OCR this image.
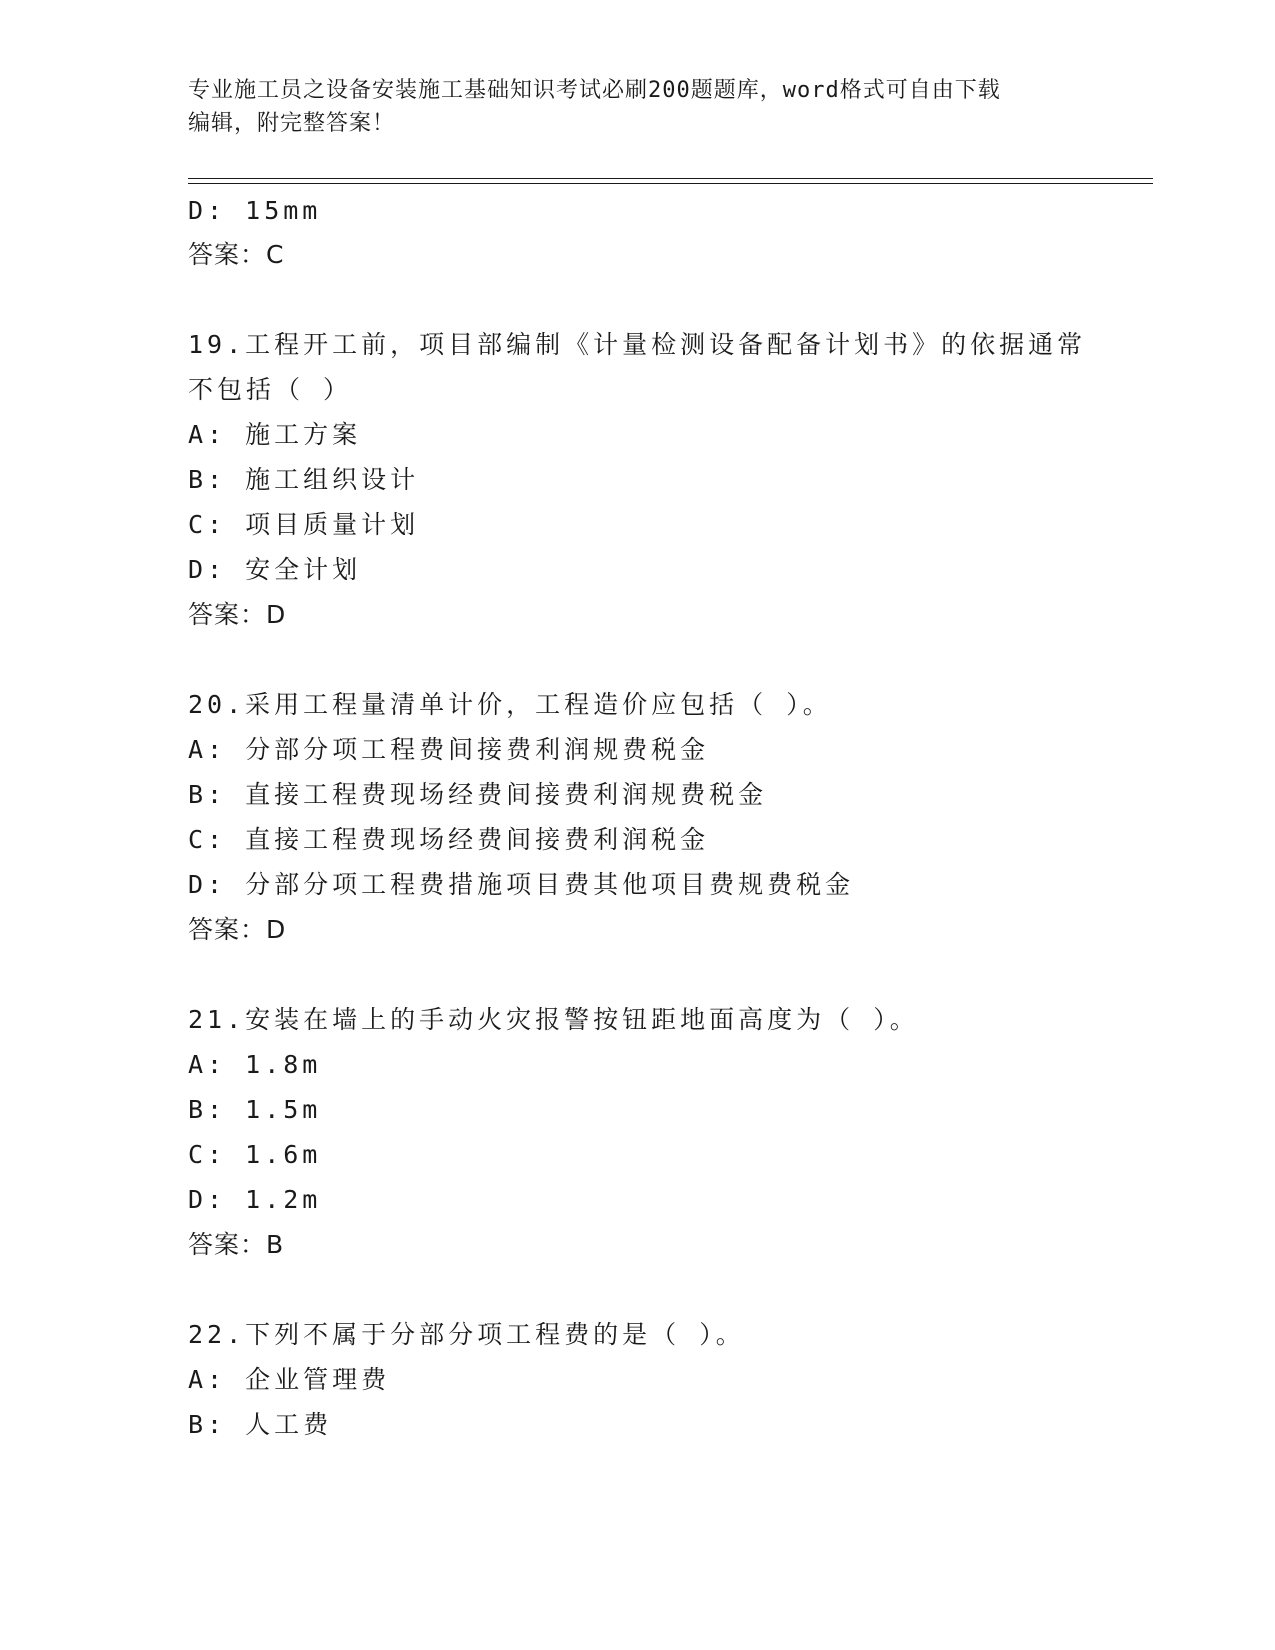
专业施工员之设备安装施工基础知识考试必刷200题题库，word格式可自由下载
编辑，附完整答案！
D: 15mm
答案：C
19.工程开工前，项目部编制《计量检测设备配备计划书》的依据通常
不包括（ ）
A: 施工方案
B: 施工组织设计
C: 项目质量计划
D: 安全计划
答案：D
20.采用工程量清单计价，工程造价应包括（ ）。
A: 分部分项工程费间接费利润规费税金
B: 直接工程费现场经费间接费利润规费税金
C: 直接工程费现场经费间接费利润税金
D: 分部分项工程费措施项目费其他项目费规费税金
答案：D
21.安装在墙上的手动火灾报警按钮距地面高度为（ ）。
A: 1.8m
B: 1.5m
C: 1.6m
D: 1.2m
答案：B
22.下列不属于分部分项工程费的是（ ）。
A: 企业管理费
B: 人工费
